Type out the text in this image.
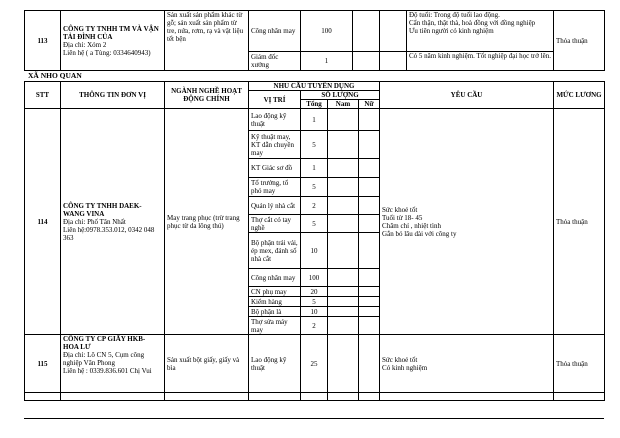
113	CÔNG TY TNHH TM VÀ VẬN TẢI ĐÌNH CỦA
Địa chỉ: Xóm 2
Liên hệ ( a Tùng: 0334640943)	Sản xuất sản phẩm khác từ gỗ; sản xuất sản phẩm từ tre, nứa, rơm, rạ và vật liệu tết bện	Công nhân may	100			Độ tuổi: Trong độ tuổi lao động.
Cẩn thận, thật thà, hoà đồng với đồng nghiệp
Ưu tiên người có kinh nghiệm	Thỏa thuận
			Giám đốc xưởng	1			Có 5 năm kinh nghiệm. Tốt nghiệp đại học trở lên.	
XÃ NHO QUAN
STT	THÔNG TIN ĐƠN VỊ	NGÀNH NGHỀ HOẠT ĐỘNG CHÍNH	NHU CẦU TUYỂN DỤNG				YÊU CẦU	MỨC LƯƠNG
			VỊ TRÍ	SỐ LƯỢNG				
				Tổng	Nam	Nữ		
114	CÔNG TY TNHH DAEK-WANG VINA
Địa chỉ: Phố Tân Nhất
Liên hệ:0978.353.012, 0342 048 363	May trang phục (trừ trang phục từ da lông thú)	Lao động kỹ thuật	1			Sức khoẻ tốt
Tuổi từ 18- 45
Chăm chỉ , nhiệt tình
Gắn bó lâu dài với công ty	Thỏa thuận
			Kỹ thuật may, KT dẫn chuyền may	5				
			KT Giác sơ đồ	1				
			Tổ trưởng, tổ phó may	5				
			Quản lý nhà cắt	2				
			Thợ cắt có tay nghề	5				
			Bộ phận trải vải, ép mex, đánh số nhà cắt	10				
			Công nhân may	100				
			CN phụ may	20				
			Kiểm hàng	5				
			Bộ phận là	10				
			Thợ sửa máy may	2				
115	CÔNG TY CP GIẤY HKB- HOA LƯ
Địa chỉ: Lô CN 5, Cụm công nghiệp Văn Phong
Liên hệ : 0339.836.601 Chị Vui	Sản xuất bột giấy, giấy và bìa	Lao động kỹ thuật	25			Sức khoẻ tốt
Có kinh nghiệm	Thỏa thuận
